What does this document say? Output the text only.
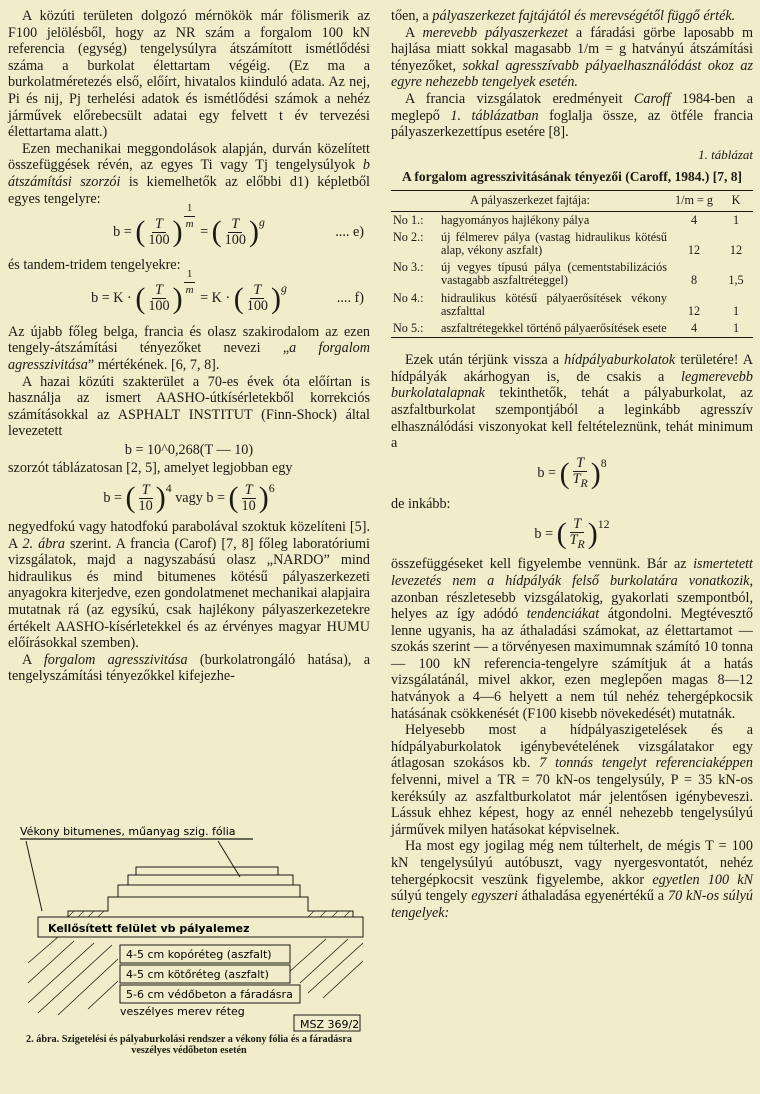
A közúti területen dolgozó mérnökök már fölismerik az F100 jelölésből, hogy az NR szám a forgalom 100 kN referencia (egység) tengelysúlyra átszámított ismétlődési száma a burkolat élettartam végéig. (Ez ma a burkolatméretezés első, előírt, hivatalos kiinduló adata. Az nej, Pi és nij, Pj terhelési adatok és ismétlődési számok a nehéz járművek előrebecsült adatai egy felvett t év tervezési élettartama alatt.)

Ezen mechanikai meggondolások alapján, durván közelített összefüggések révén, az egyes Ti vagy Tj tengelysúlyok b átszámítási szorzói is kiemelhetők az előbbi d1) képletből egyes tengelyre:

b = ( $\frac{T}{100}$ ) $\frac{1}{m}$
= ( $\frac{T}{100}$ ) $^g$
.... e)

és tandem-tridem tengelyekre:

b = K · ( $\frac{T}{100}$ ) $\frac{1}{m}$
= K · ( $\frac{T}{100}$ ) $^g$
.... f)

Az újabb főleg belga, francia és olasz szakirodalom az ezen tengely-átszámítási tényezőket nevezi „a forgalom agresszivitása” mértékének. [6, 7, 8].

A hazai közúti szakterület a 70-es évek óta előírtan is használja az ismert AASHO-útkísérletekből korrekciós számításokkal az ASPHALT INSTITUT (Finn-Shock) által levezetett

b = 10^0,268(T — 10)

szorzót táblázatosan [2, 5], amelyet legjobban egy

b = ( $\frac{T}{10} )^4$

vagy b = ( $\frac{T}{10} )^6$

negyedfokú vagy hatodfokú parabolával szoktuk közelíteni [5]. A 2. ábra szerint. A francia (Carof) [7, 8] főleg laboratóriumi vizsgálatok, majd a nagyszabású olasz „NARDO” mind hidraulikus és mind bitumenes kötésű pályaszerkezeti anyagokra kiterjedve, ezen gondolatmenet mechanikai alapjaira mutatnak rá (az egysíkú, csak hajlékony pályaszerkezetekre értékelt AASHO-kísérletekkel és az érvényes magyar HUMU előírásokkal szemben).

A forgalom agresszivitása (burkolatrongáló hatása), a tengelyszámítási tényezőkkel kifejezhe-

Vékony bitumenes, műanyag szig. fólia
Kellősített felület vb pályalemez
4-5 cm kopóréteg (aszfalt)
4-5 cm kötőréteg (aszfalt)
5-6 cm védőbeton a fáradásra
veszélyes merev réteg
MSZ 369/2
2. ábra. Szigetelési és pályaburkolási rendszer a vékony fólia és a fáradásra veszélyes védőbeton esetén

tően, a pályaszerkezet fajtájától és merevségétől függő érték.

A merevebb pályaszerkezet a fáradási görbe laposabb m hajlása miatt sokkal magasabb 1/m = g hatványú átszámítási tényezőket, sokkal agresszívabb pályaelhasználódást okoz az egyre nehezebb tengelyek esetén.

A francia vizsgálatok eredményeit Caroff 1984-ben a meglepő 1. táblázatban foglalja össze, az ötféle francia pályaszerkezettípus esetére [8].

1. táblázat
A forgalom agresszivitásának tényezői (Caroff, 1984.) [7, 8]
A pályaszerkezet fajtája:		1/m = g	K
No 1.:	hagyományos hajlékony pálya	4	1
No 2.:	új félmerev pálya (vastag hidraulikus kötésű alap, vékony aszfalt)	12	12
No 3.:	új vegyes típusú pálya (cementstabilizációs vastagabb aszfaltréteggel)	8	1,5
No 4.:	hidraulikus kötésű pályaerősítések vékony aszfalttal	12	1
No 5.:	aszfaltrétegekkel történő pályaerősítések esete	4	1

Ezek után térjünk vissza a hídpályaburkolatok területére! A hídpályák akárhogyan is, de csakis a legmerevebb burkolatalapnak tekinthetők, tehát a pályaburkolat, az aszfaltburkolat szempontjából a leginkább agresszív elhasználódási viszonyokat kell feltételeznünk, tehát minimum a

b = ( $\frac{T}{T_R} )^8$

de inkább:

b = ( $\frac{T}{T_R} )^{12}$

összefüggéseket kell figyelembe vennünk. Bár az ismertetett levezetés nem a hídpályák felső burkolatára vonatkozik, azonban részletesebb vizsgálatokig, gyakorlati szempontból, helyes az így adódó tendenciákat átgondolni. Megtévesztő lenne ugyanis, ha az áthaladási számokat, az élettartamot — szokás szerint — a törvényesen maximumnak számító 10 tonna — 100 kN referencia-tengelyre számítjuk át a hatás vizsgálatánál, mivel akkor, ezen meglepően magas 8—12 hatványok a 4—6 helyett a nem túl nehéz tehergépkocsik hatásának csökkenését (F100 kisebb növekedését) mutatnák.

Helyesebb most a hídpályaszigetelések és a hídpályaburkolatok igénybevételének vizsgálatakor egy átlagosan szokásos kb. 7 tonnás tengelyt referenciaképpen felvenni, mivel a TR = 70 kN-os tengelysúly, P = 35 kN-os keréksúly az aszfaltburkolatot már jelentősen igénybeveszi. Lássuk ehhez képest, hogy az ennél nehezebb tengelysúlyú járművek milyen hatásokat képviselnek.

Ha most egy jogilag még nem túlterhelt, de mégis T = 100 kN tengelysúlyú autóbuszt, vagy nyergesvontatót, nehéz tehergépkocsit veszünk figyelembe, akkor egyetlen 100 kN súlyú tengely egyszeri áthaladása egyenértékű a 70 kN-os súlyú tengelyek:
